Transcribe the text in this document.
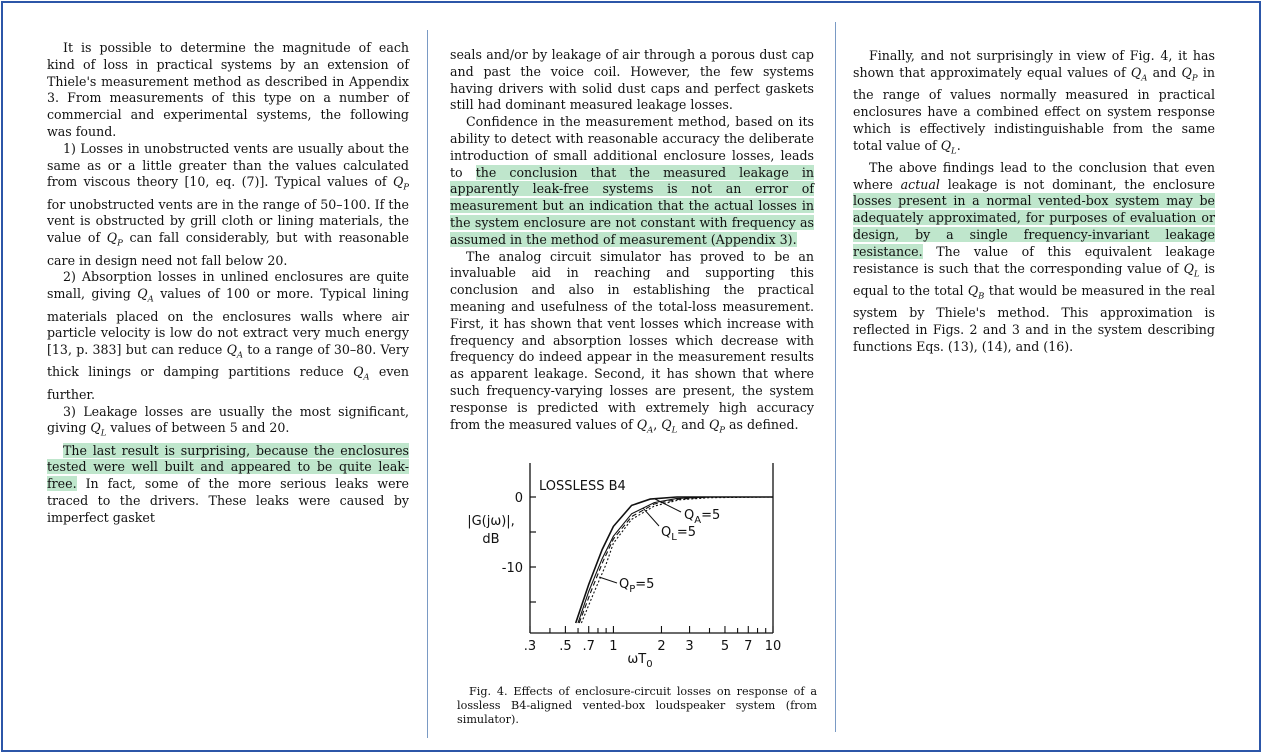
It is possible to determine the magnitude of each kind of loss in practical systems by an extension of Thiele's measurement method as described in Appendix 3. From measurements of this type on a number of commercial and experimental systems, the following was found.

1) Losses in unobstructed vents are usually about the same as or a little greater than the values calculated from viscous theory [10, eq. (7)]. Typical values of $Q_P$ for unobstructed vents are in the range of 50–100. If the vent is obstructed by grill cloth or lining materials, the value of $Q_P$ can fall considerably, but with reasonable care in design need not fall below 20.

2) Absorption losses in unlined enclosures are quite small, giving $Q_A$ values of 100 or more. Typical lining materials placed on the enclosures walls where air particle velocity is low do not extract very much energy [13, p. 383] but can reduce $Q_A$ to a range of 30–80. Very thick linings or damping partitions reduce $Q_A$ even further.

3) Leakage losses are usually the most significant, giving $Q_L$ values of between 5 and 20.

The last result is surprising, because the enclosures tested were well built and appeared to be quite leak-free. In fact, some of the more serious leaks were traced to the drivers. These leaks were caused by imperfect gasket

seals and/or by leakage of air through a porous dust cap and past the voice coil. However, the few systems having drivers with solid dust caps and perfect gaskets still had dominant measured leakage losses.

Confidence in the measurement method, based on its ability to detect with reasonable accuracy the deliberate introduction of small additional enclosure losses, leads to the conclusion that the measured leakage in apparently leak-free systems is not an error of measurement but an indication that the actual losses in the system enclosure are not constant with frequency as assumed in the method of measurement (Appendix 3).

The analog circuit simulator has proved to be an invaluable aid in reaching and supporting this conclusion and also in establishing the practical meaning and usefulness of the total-loss measurement. First, it has shown that vent losses which increase with frequency and absorption losses which decrease with frequency do indeed appear in the measurement results as apparent leakage. Second, it has shown that where such frequency-varying losses are present, the system response is predicted with extremely high accuracy from the measured values of $Q_A$, $Q_L$ and $Q_P$ as defined.

.3 .5 .7 1	2 3 5 7 10
0
-10
|G(jω)|,
dB
$\omega T_0$
LOSSLESS B4
$Q_A=5$
$Q_L=5$
$Q_P=5$
Fig. 4. Effects of enclosure-circuit losses on response of a lossless B4-aligned vented-box loudspeaker system (from simulator).

Finally, and not surprisingly in view of Fig. 4, it has shown that approximately equal values of $Q_A$ and $Q_P$ in the range of values normally measured in practical enclosures have a combined effect on system response which is effectively indistinguishable from the same total value of $Q_L$.

The above findings lead to the conclusion that even where actual leakage is not dominant, the enclosure losses present in a normal vented-box system may be adequately approximated, for purposes of evaluation or design, by a single frequency-invariant leakage resistance. The value of this equivalent leakage resistance is such that the corresponding value of $Q_L$ is equal to the total $Q_B$ that would be measured in the real system by Thiele's method. This approximation is reflected in Figs. 2 and 3 and in the system describing functions Eqs. (13), (14), and (16).
